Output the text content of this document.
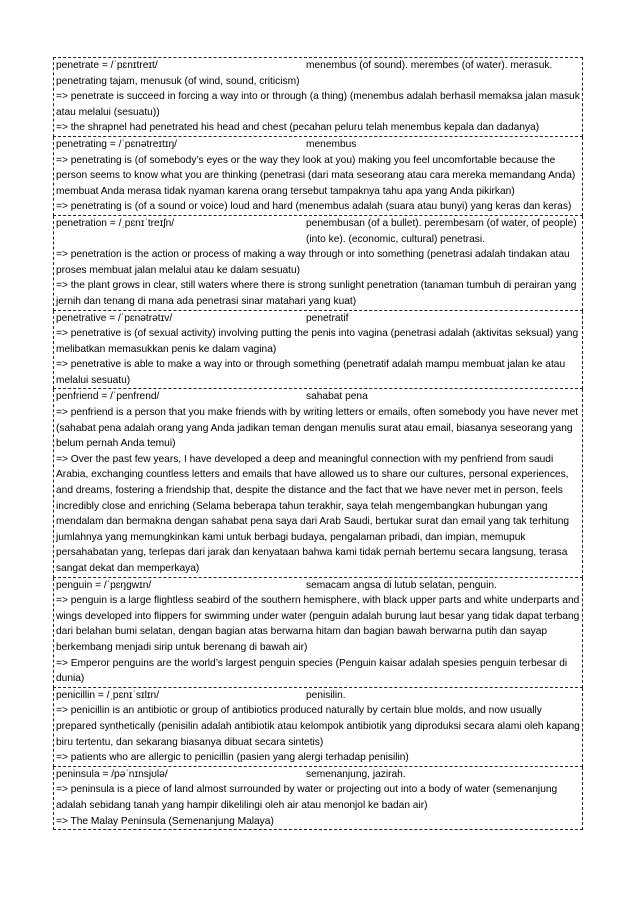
penetrate = /ˈpɛnɪtreɪt/	menembus (of sound). merembes (of water). merasuk.
penetrating tajam, menusuk (of wind, sound, criticism)
=> penetrate is succeed in forcing a way into or through (a thing) (menembus adalah berhasil memaksa jalan masuk atau melalui (sesuatu))
=> the shrapnel had penetrated his head and chest (pecahan peluru telah menembus kepala dan dadanya)
penetrating = /ˈpɛnətreɪtɪŋ/	menembus
=> penetrating is (of somebody’s eyes or the way they look at you) making you feel uncomfortable because the person seems to know what you are thinking (penetrasi (dari mata seseorang atau cara mereka memandang Anda) membuat Anda merasa tidak nyaman karena orang tersebut tampaknya tahu apa yang Anda pikirkan)
=> penetrating is (of a sound or voice) loud and hard (menembus adalah (suara atau bunyi) yang keras dan keras)
penetration = /ˌpɛnɪˈtreɪʃn/	penembusan (of a bullet). perembesam (of water, of people) (into ke). (economic, cultural) penetrasi.
=> penetration is the action or process of making a way through or into something (penetrasi adalah tindakan atau proses membuat jalan melalui atau ke dalam sesuatu)
=> the plant grows in clear, still waters where there is strong sunlight penetration (tanaman tumbuh di perairan yang jernih dan tenang di mana ada penetrasi sinar matahari yang kuat)
penetrative = /ˈpɛnətrətɪv/	penetratif
=> penetrative is (of sexual activity) involving putting the penis into vagina (penetrasi adalah (aktivitas seksual) yang melibatkan memasukkan penis ke dalam vagina)
=> penetrative is able to make a way into or through something (penetratif adalah mampu membuat jalan ke atau melalui sesuatu)
penfriend = /ˈpenfrend/	sahabat pena
=> penfriend is a person that you make friends with by writing letters or emails, often somebody you have never met (sahabat pena adalah orang yang Anda jadikan teman dengan menulis surat atau email, biasanya seseorang yang belum pernah Anda temui)
=> Over the past few years, I have developed a deep and meaningful connection with my penfriend from saudi Arabia, exchanging countless letters and emails that have allowed us to share our cultures, personal experiences, and dreams, fostering a friendship that, despite the distance and the fact that we have never met in person, feels incredibly close and enriching (Selama beberapa tahun terakhir, saya telah mengembangkan hubungan yang mendalam dan bermakna dengan sahabat pena saya dari Arab Saudi, bertukar surat dan email yang tak terhitung jumlahnya yang memungkinkan kami untuk berbagi budaya, pengalaman pribadi, dan impian, memupuk persahabatan yang, terlepas dari jarak dan kenyataan bahwa kami tidak pernah bertemu secara langsung, terasa sangat dekat dan memperkaya)
penguin = /ˈpɛŋɡwɪn/	semacam angsa di lutub selatan, penguin.
=> penguin is a large flightless seabird of the southern hemisphere, with black upper parts and white underparts and wings developed into flippers for swimming under water (penguin adalah burung laut besar yang tidak dapat terbang dari belahan bumi selatan, dengan bagian atas berwarna hitam dan bagian bawah berwarna putih dan sayap berkembang menjadi sirip untuk berenang di bawah air)
=> Emperor penguins are the world’s largest penguin species (Penguin kaisar adalah spesies penguin terbesar di dunia)
penicillin = /ˌpɛnɪˈsɪlɪn/	penisilin.
=> penicillin is an antibiotic or group of antibiotics produced naturally by certain blue molds, and now usually prepared synthetically (penisilin adalah antibiotik atau kelompok antibiotik yang diproduksi secara alami oleh kapang biru tertentu, dan sekarang biasanya dibuat secara sintetis)
=> patients who are allergic to penicillin (pasien yang alergi terhadap penisilin)
peninsula = /pəˈnɪnsjʊlə/	semenanjung, jazirah.
=> peninsula is a piece of land almost surrounded by water or projecting out into a body of water (semenanjung adalah sebidang tanah yang hampir dikelilingi oleh air atau menonjol ke badan air)
=> The Malay Peninsula (Semenanjung Malaya)
